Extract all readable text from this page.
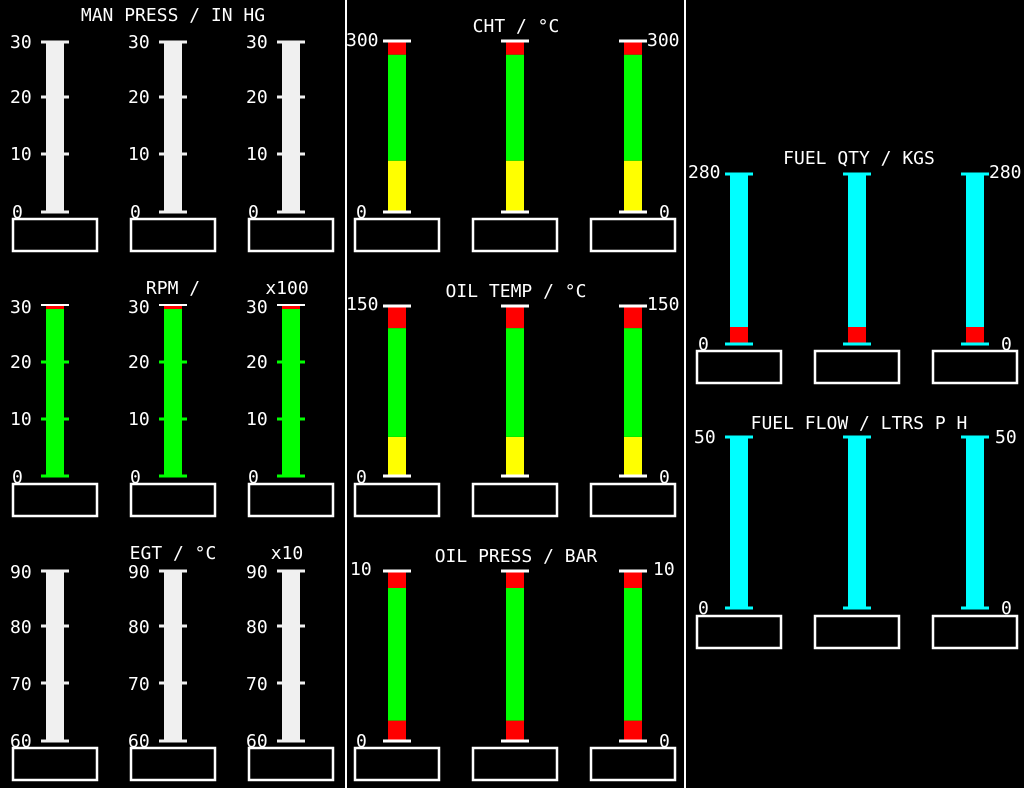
MAN PRESS / IN HG
RPM /	x100
EGT / °C	x10
CHT / °C
OIL TEMP / °C
OIL PRESS / BAR
FUEL QTY / KGS
FUEL FLOW / LTRS P H
30
20
10
0
30
20
10
0
30
20
10
0
30
20
10
0
30
20
10
0
30
20
10
0
90
80
70
60
90
80
70
60
90
80
70
60
300	300
0	0
150	150
0	0
10	10
0	0
280	280
0	0
50	50
0	0
